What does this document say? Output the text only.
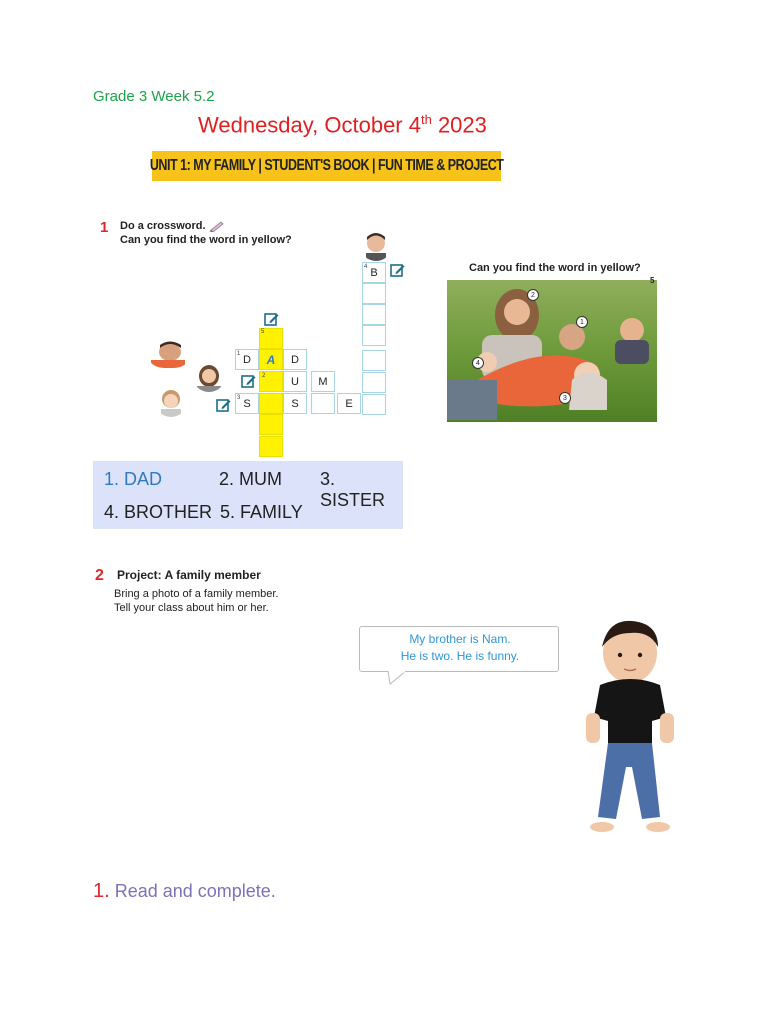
Grade 3 Week 5.2
Wednesday, October 4th 2023
UNIT 1: MY FAMILY | STUDENT'S BOOK | FUN TIME & PROJECT
1 Do a crossword.
Can you find the word in yellow?
B
4
5
A
D
1	D
2 U M
S
3	S	E
Can you find the word in yellow?
2
1
4
3
5
1. DAD	2. MUM 3. SISTER
4. BROTHER 5. FAMILY
2 Project: A family member
Bring a photo of a family member.
Tell your class about him or her.
My brother is Nam.
He is two. He is funny.
1. Read and complete.
